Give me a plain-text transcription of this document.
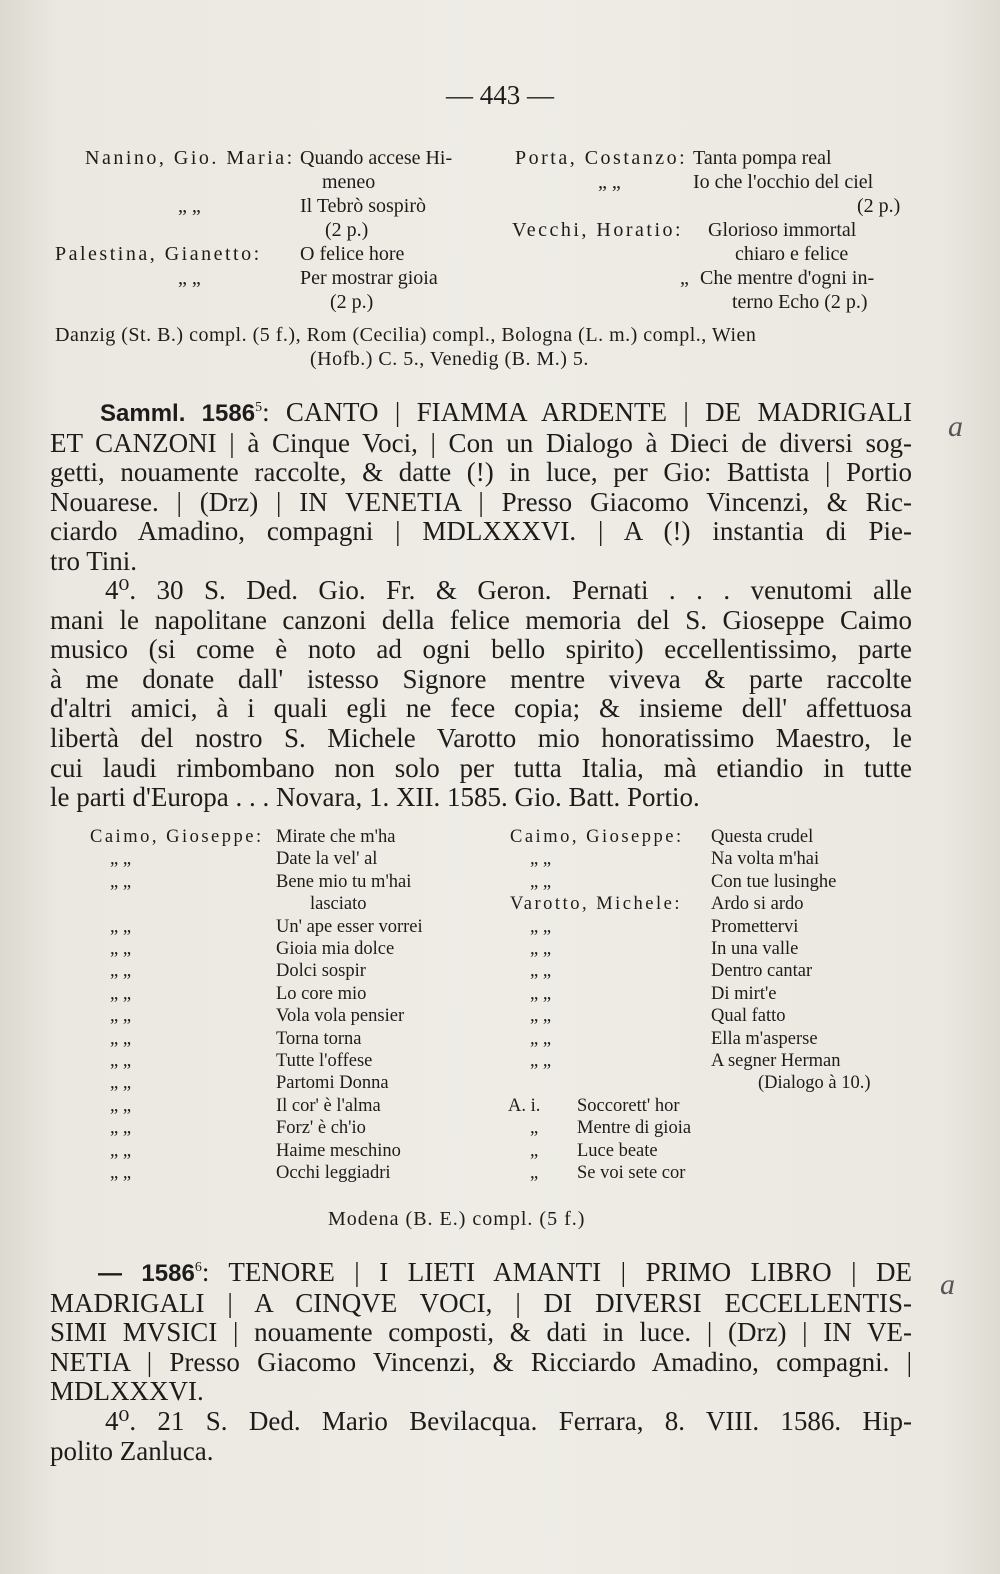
— 443 —
Nanino, Gio. Maria: Quando accese Hi-
meneo
„ „	Il Tebrò sospirò
(2 p.)
Palestina, Gianetto: O felice hore
„ „	Per mostrar gioia
(2 p.)
Porta, Costanzo: Tanta pompa real
„ „	Io che l'occhio del ciel
(2 p.)
Vecchi, Horatio: Glorioso immortal
chiaro e felice
„ Che mentre d'ogni in-
terno Echo (2 p.)
Danzig (St. B.) compl. (5 f.), Rom (Cecilia) compl., Bologna (L. m.) compl., Wien
(Hofb.) C. 5., Venedig (B. M.) 5.
Samml. 1586$^5$: CANTO | FIAMMA ARDENTE | DE MADRIGALI
ET CANZONI | à Cinque Voci, | Con un Dialogo à Dieci de diversi sog-
getti, nouamente raccolte, & datte (!) in luce, per Gio: Battista | Portio
Nouarese. | (Drz) | IN VENETIA | Presso Giacomo Vincenzi, & Ric-
ciardo Amadino, compagni | MDLXXXVI. | A (!) instantia di Pie-
tro Tini.
4⁰. 30 S. Ded. Gio. Fr. & Geron. Pernati . . . venutomi alle
mani le napolitane canzoni della felice memoria del S. Gioseppe Caimo
musico (si come è noto ad ogni bello spirito) eccellentissimo, parte
à me donate dall' istesso Signore mentre viveva & parte raccolte
d'altri amici, à i quali egli ne fece copia; & insieme dell' affettuosa
libertà del nostro S. Michele Varotto mio honoratissimo Maestro, le
cui laudi rimbombano non solo per tutta Italia, mà etiandio in tutte
le parti d'Europa . . . Novara, 1. XII. 1585. Gio. Batt. Portio.
Caimo, Gioseppe: Mirate che m'ha
„ „	Date la vel' al
„ „	Bene mio tu m'hai
lasciato
„ „	Un' ape esser vorrei
„ „	Gioia mia dolce
„ „	Dolci sospir
„ „	Lo core mio
„ „	Vola vola pensier
„ „	Torna torna
„ „	Tutte l'offese
„ „	Partomi Donna
„ „	Il cor' è l'alma
„ „	Forz' è ch'io
„ „	Haime meschino
„ „	Occhi leggiadri
Caimo, Gioseppe: Questa crudel
„ „	Na volta m'hai
„ „	Con tue lusinghe
Varotto, Michele: Ardo si ardo
„ „	Promettervi
„ „	In una valle
„ „	Dentro cantar
„ „	Di mirt'e
„ „	Qual fatto
„ „	Ella m'asperse
„ „	A segner Herman
(Dialogo à 10.)
A. i. Soccorett' hor
„ Mentre di gioia
„ Luce beate
„ Se voi sete cor
Modena (B. E.) compl. (5 f.)
— 1586$^6$: TENORE | I LIETI AMANTI | PRIMO LIBRO | DE
MADRIGALI | A CINQVE VOCI, | DI DIVERSI ECCELLENTIS-
SIMI MVSICI | nouamente composti, & dati in luce. | (Drz) | IN VE-
NETIA | Presso Giacomo Vincenzi, & Ricciardo Amadino, compagni. |
MDLXXXVI.
4⁰. 21 S. Ded. Mario Bevilacqua. Ferrara, 8. VIII. 1586. Hip-
polito Zanluca.
a
a
